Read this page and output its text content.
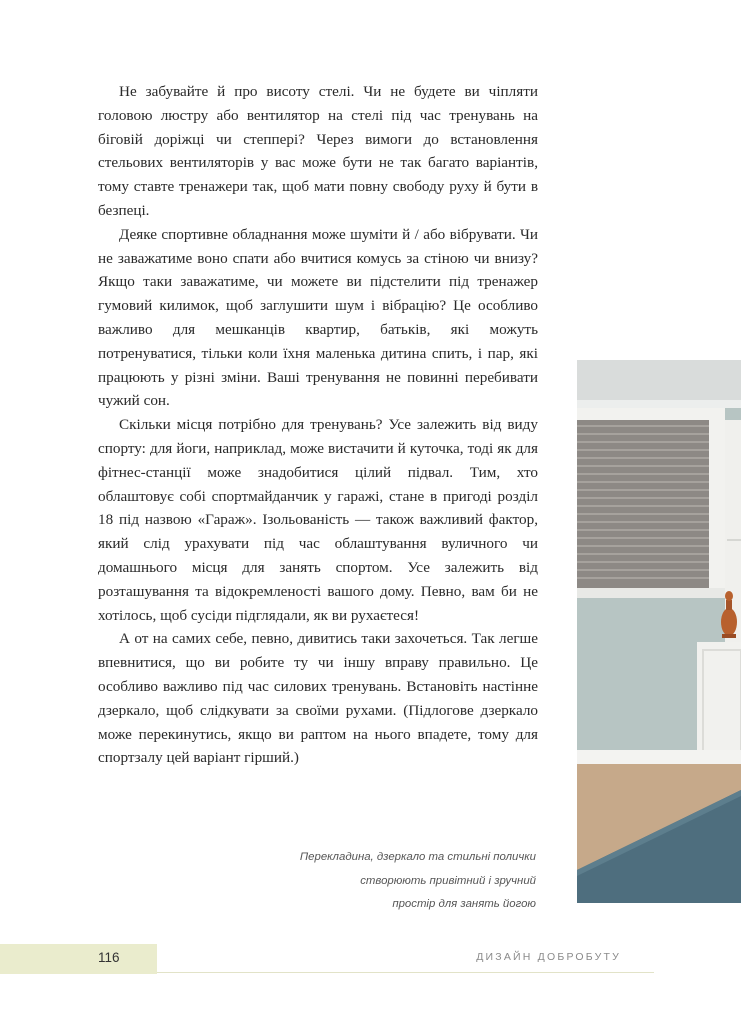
Не забувайте й про висоту стелі. Чи не будете ви чіпляти головою люстру або вентилятор на стелі під час тренувань на біговій доріжці чи степпері? Через вимоги до встановлення стельових вентиляторів у вас може бути не так багато варіантів, тому ставте тренажери так, щоб мати повну свободу руху й бути в безпеці.

Деяке спортивне обладнання може шуміти й / або вібрувати. Чи не заважатиме воно спати або вчитися комусь за стіною чи внизу? Якщо таки заважатиме, чи можете ви підстелити під тренажер гумовий килимок, щоб заглушити шум і вібрацію? Це особливо важливо для мешканців квартир, батьків, які можуть потренуватися, тільки коли їхня маленька дитина спить, і пар, які працюють у різні зміни. Ваші тренування не повинні перебивати чужий сон.

Скільки місця потрібно для тренувань? Усе залежить від виду спорту: для йоги, наприклад, може вистачити й куточка, тоді як для фітнес-станції може знадобитися цілий підвал. Тим, хто облаштовує собі спортмайданчик у гаражі, стане в пригоді розділ 18 під назвою «Гараж». Ізольованість — також важливий фактор, який слід урахувати під час облаштування вуличного чи домашнього місця для занять спортом. Усе залежить від розташування та відокремленості вашого дому. Певно, вам би не хотілось, щоб сусіди підглядали, як ви рухаєтеся!

А от на самих себе, певно, дивитись таки захочеться. Так легше впевнитися, що ви робите ту чи іншу вправу правильно. Це особливо важливо під час силових тренувань. Встановіть настінне дзеркало, щоб слідкувати за своїми рухами. (Підлогове дзеркало може перекинутись, якщо ви раптом на нього впадете, тому для спортзалу цей варіант гірший.)

Перекладина, дзеркало та стильні полички
створюють привітний і зручний
простір для занять йогою
116	ДИЗАЙН ДОБРОБУТУ
